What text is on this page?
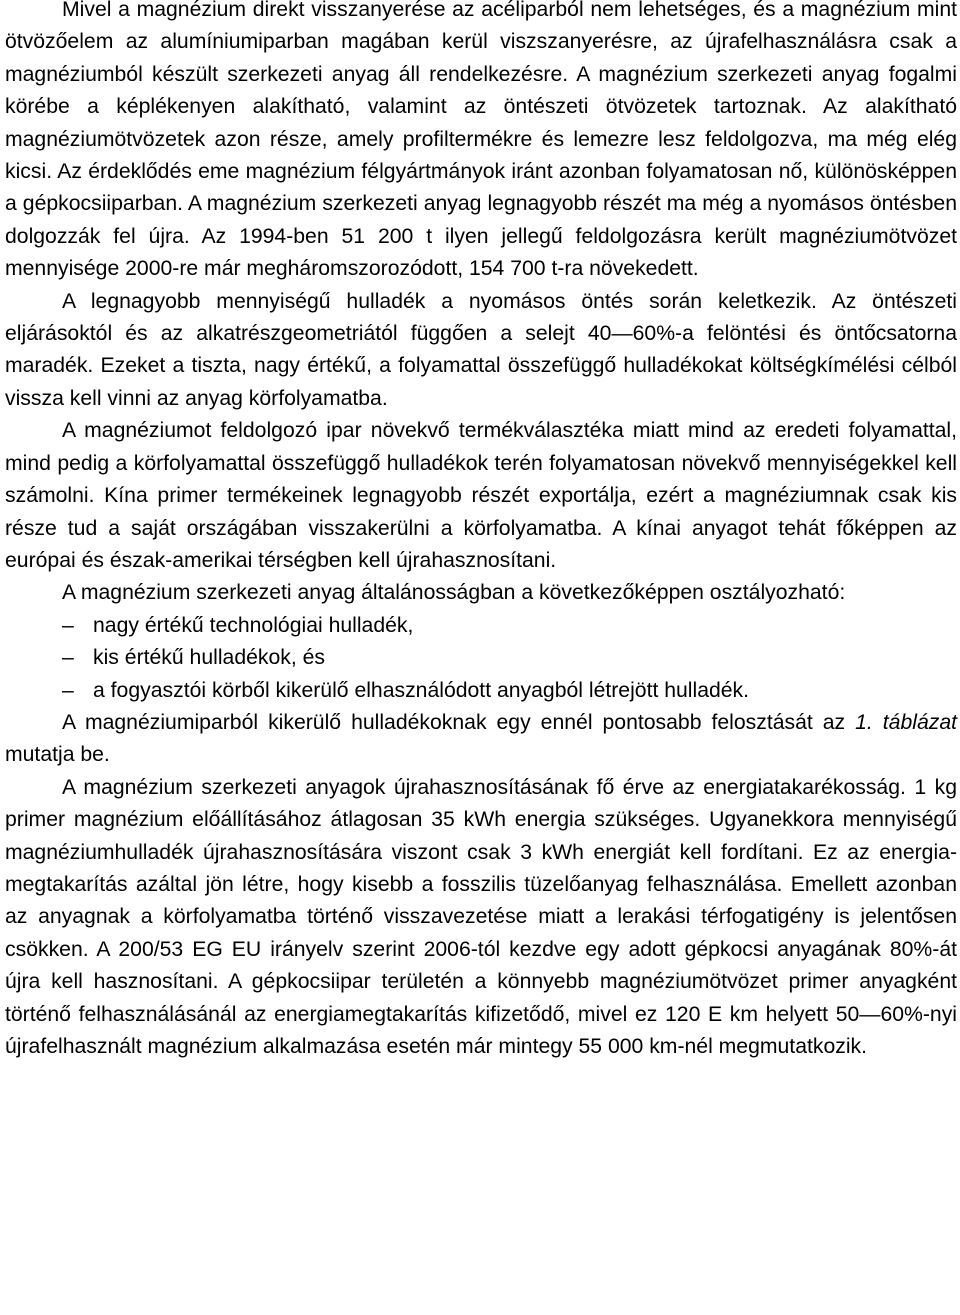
Mivel a magnézium direkt visszanyerése az acéliparból nem lehetséges, és a magnézium mint ötvözőelem az alumíniumiparban magában kerül viszszanyerésre, az újrafelhasználásra csak a magnéziumból készült szerkezeti anyag áll rendelkezésre. A magnézium szerkezeti anyag fogalmi körébe a képlékenyen alakítható, valamint az öntészeti ötvözetek tartoznak. Az alakítható magnéziumötvözetek azon része, amely profiltermékre és lemezre lesz feldolgozva, ma még elég kicsi. Az érdeklődés eme magnézium félgyártmányok iránt azonban folyamatosan nő, különösképpen a gépkocsiiparban. A magnézium szerkezeti anyag legnagyobb részét ma még a nyomásos öntésben dolgozzák fel újra. Az 1994-ben 51 200 t ilyen jellegű feldolgozásra került magnéziumötvözet mennyisége 2000-re már megháromszorozódott, 154 700 t-ra növekedett.

A legnagyobb mennyiségű hulladék a nyomásos öntés során keletkezik. Az öntészeti eljárásoktól és az alkatrészgeometriától függően a selejt 40—60%-a felöntési és öntőcsatorna maradék. Ezeket a tiszta, nagy értékű, a folyamattal összefüggő hulladékokat költségkímélési célból vissza kell vinni az anyag körfolyamatba.

A magnéziumot feldolgozó ipar növekvő termékválasztéka miatt mind az eredeti folyamattal, mind pedig a körfolyamattal összefüggő hulladékok terén folyamatosan növekvő mennyiségekkel kell számolni. Kína primer termékeinek legnagyobb részét exportálja, ezért a magnéziumnak csak kis része tud a saját országában visszakerülni a körfolyamatba. A kínai anyagot tehát főképpen az európai és észak-amerikai térségben kell újrahasznosítani.

A magnézium szerkezeti anyag általánosságban a következőképpen osztályozható:

– nagy értékű technológiai hulladék,
– kis értékű hulladékok, és
– a fogyasztói körből kikerülő elhasználódott anyagból létrejött hulladék.

A magnéziumiparból kikerülő hulladékoknak egy ennél pontosabb felosztását az 1. táblázat mutatja be.

A magnézium szerkezeti anyagok újrahasznosításának fő érve az energiatakarékosság. 1 kg primer magnézium előállításához átlagosan 35 kWh energia szükséges. Ugyanekkora mennyiségű magnéziumhulladék újrahasznosítására viszont csak 3 kWh energiát kell fordítani. Ez az energiamegtakarítás azáltal jön létre, hogy kisebb a fosszilis tüzelőanyag felhasználása. Emellett azonban az anyagnak a körfolyamatba történő visszavezetése miatt a lerakási térfogatigény is jelentősen csökken. A 200/53 EG EU irányelv szerint 2006-tól kezdve egy adott gépkocsi anyagának 80%-át újra kell hasznosítani. A gépkocsiipar területén a könnyebb magnéziumötvözet primer anyagként történő felhasználásánál az energiamegtakarítás kifizetődő, mivel ez 120 E km helyett 50—60%-nyi újrafelhasznált magnézium alkalmazása esetén már mintegy 55 000 km-nél megmutatkozik.
